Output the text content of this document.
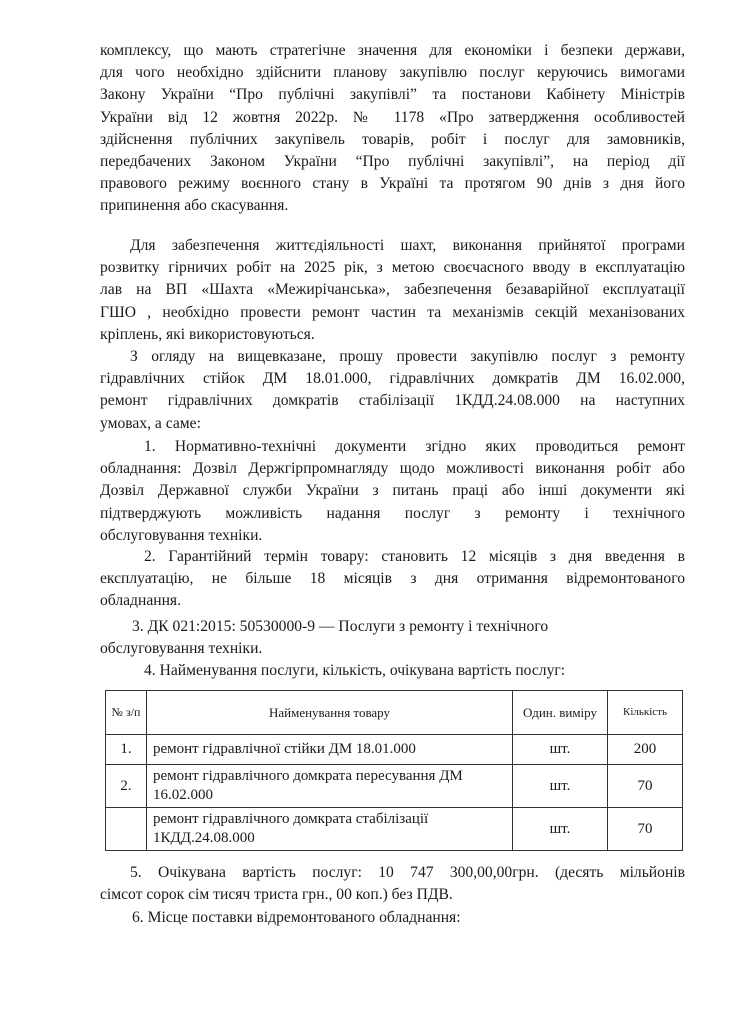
комплексу, що мають стратегічне значення для економіки і безпеки держави,
для чого необхідно здійснити планову закупівлю послуг керуючись вимогами
Закону України “Про публічні закупівлі” та постанови Кабінету Міністрів
України від 12 жовтня 2022р. № 1178 «Про затвердження особливостей
здійснення публічних закупівель товарів, робіт і послуг для замовників,
передбачених Законом України “Про публічні закупівлі”, на період дії
правового режиму воєнного стану в Україні та протягом 90 днів з дня його
припинення або скасування.

Для забезпечення життєдіяльності шахт, виконання прийнятої програми
розвитку гірничих робіт на 2025 рік, з метою своєчасного вводу в експлуатацію
лав на ВП «Шахта «Межирічанська», забезпечення безаварійної експлуатації
ГШО , необхідно провести ремонт частин та механізмів секцій механізованих
кріплень, які використовуються.

З огляду на вищевказане, прошу провести закупівлю послуг з ремонту
гідравлічних стійок ДМ 18.01.000, гідравлічних домкратів ДМ 16.02.000,
ремонт гідравлічних домкратів стабілізації 1КДД.24.08.000 на наступних
умовах, а саме:

1. Нормативно-технічні документи згідно яких проводиться ремонт
обладнання: Дозвіл Держгірпромнагляду щодо можливості виконання робіт або
Дозвіл Державної служби України з питань праці або інші документи які
підтверджують можливість надання послуг з ремонту і технічного
обслуговування техніки.

2. Гарантійний термін товару: становить 12 місяців з дня введення в
експлуатацію, не більше 18 місяців з дня отримання відремонтованого
обладнання.

3. ДК 021:2015: 50530000-9 — Послуги з ремонту і технічного
обслуговування техніки.

4. Найменування послуги, кількість, очікувана вартість послуг:

№ з/п	Найменування товару	Один. виміру	Кількість
1.	ремонт гідравлічної стійки ДМ 18.01.000	шт.	200
2.	ремонт гідравлічного домкрата пересування ДМ 16.02.000	шт.	70
	ремонт гідравлічного домкрата стабілізації 1КДД.24.08.000	шт.	70

5. Очікувана вартість послуг: 10 747 300,00,00грн. (десять мільйонів
сімсот сорок сім тисяч триста грн., 00 коп.) без ПДВ.

6. Місце поставки відремонтованого обладнання:
